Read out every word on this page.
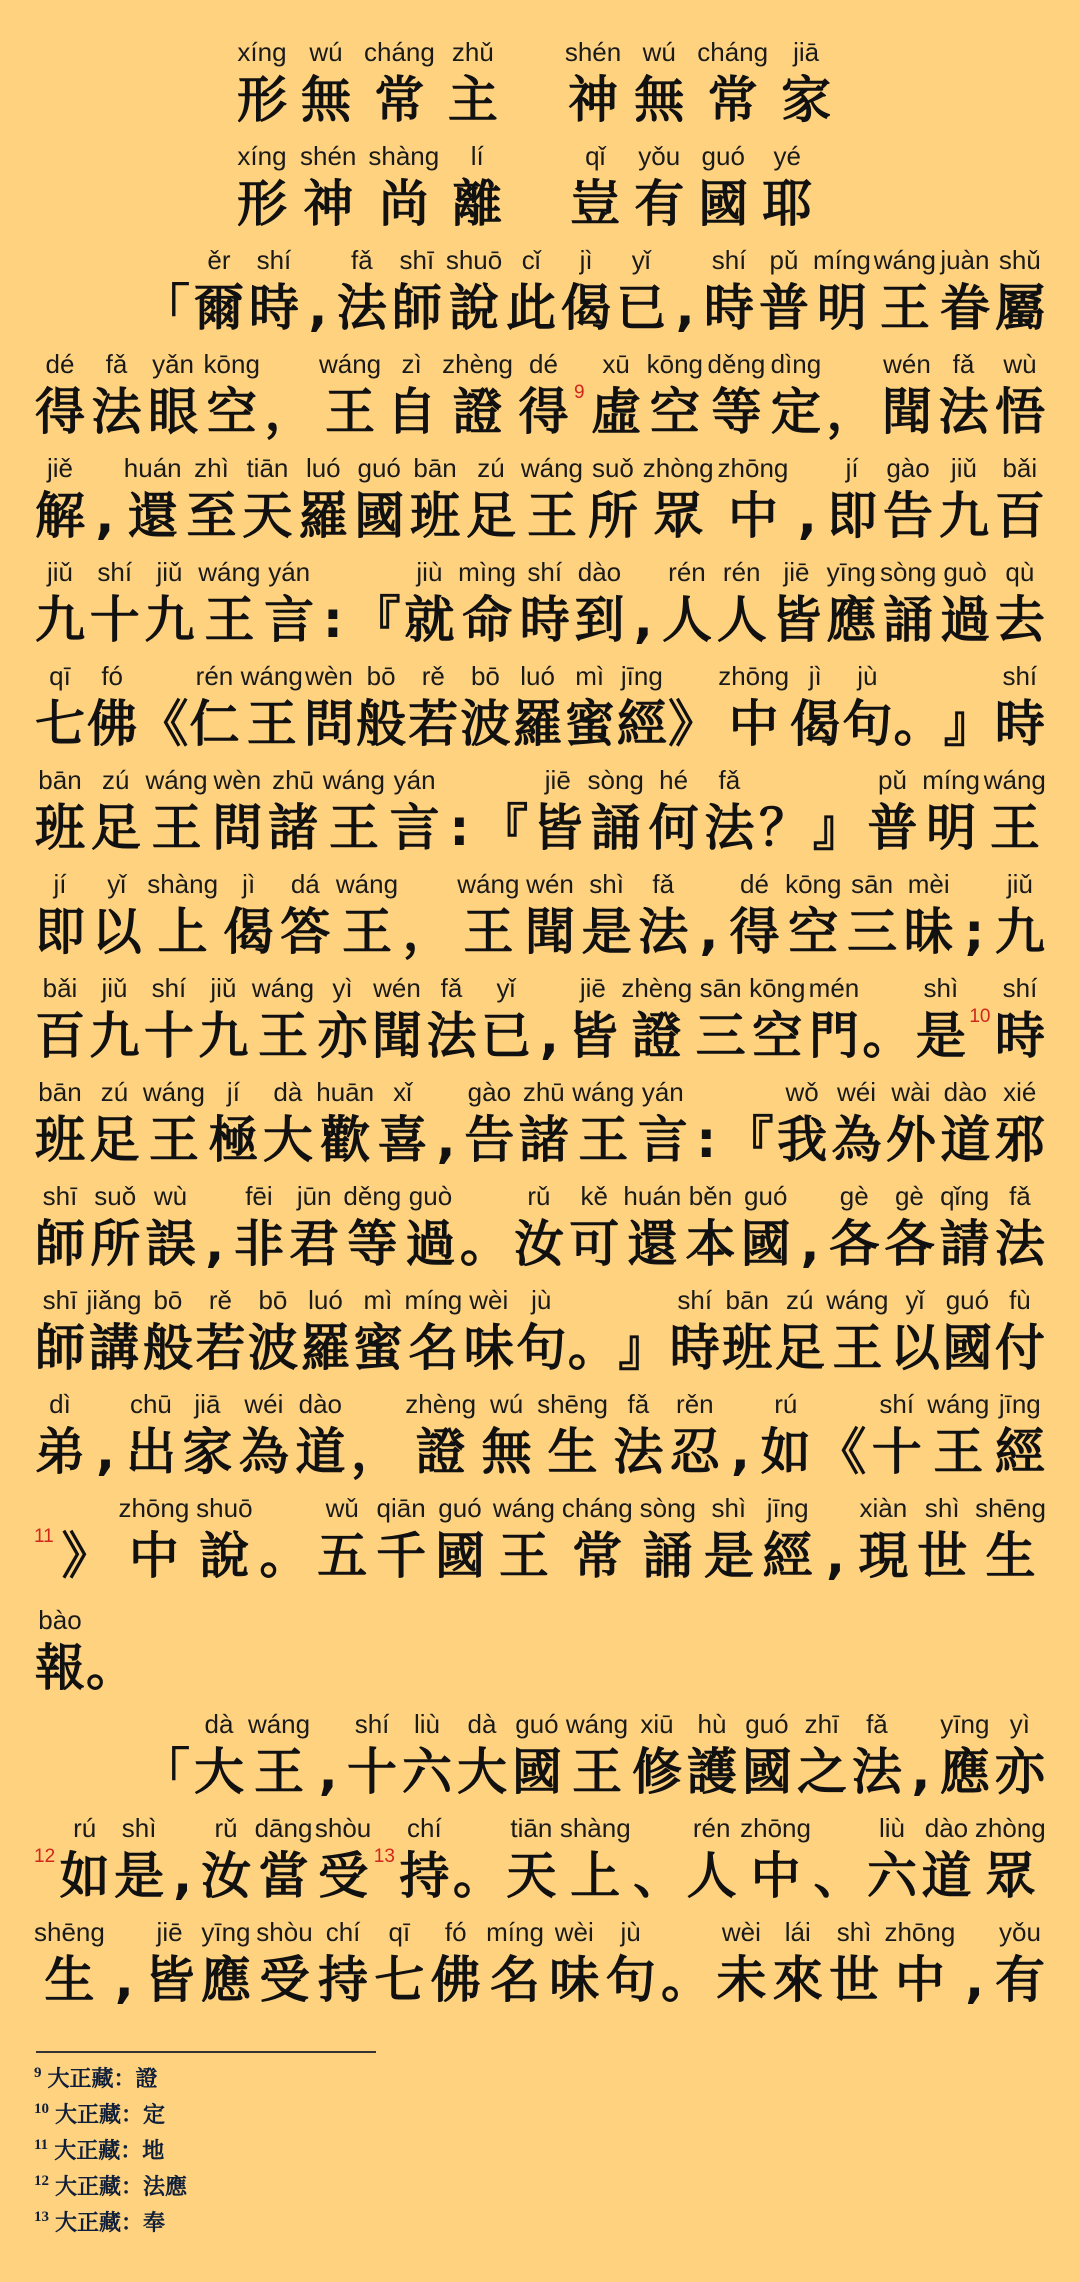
xíng
形
wú
無
cháng
常
zhǔ
主
shén
神
wú
無
cháng
常
jiā
家
xíng
形
shén
神
shàng
尚
lí
離
qǐ
豈
yǒu
有
guó
國
yé
耶
「
ěr
爾
shí
時 ,
fǎ
法
shī
師
shuō
說
cǐ
此
jì
偈
yǐ
已 ,
shí
時
pǔ
普
míng
明
wáng
王
juàn
眷
shǔ
屬
dé
得
fǎ
法
yǎn
眼
kōng
空 ，
wáng
王
zì
自
zhèng
證
dé
得 9
xū
虛
kōng
空
děng
等
dìng
定 ，
wén
聞
fǎ
法
wù
悟
jiě
解 ,
huán
還
zhì
至
tiān
天
luó
羅
guó
國
bān
班
zú
足
wáng
王
suǒ
所
zhòng
眾
zhōng
中 ,
jí
即
gào
告
jiǔ
九
bǎi
百
jiǔ
九
shí
十
jiǔ
九
wáng
王
yán
言 : 『
jiù
就
mìng
命
shí
時
dào
到 ,
rén
人
rén
人
jiē
皆
yīng
應
sòng
誦
guò
過
qù
去
qī
七
fó
佛 《
rén
仁
wáng
王
wèn
問
bō
般
rě
若
bō
波
luó
羅
mì
蜜
jīng
經 》
zhōng
中
jì
偈
jù
句 。 』
shí
時
bān
班
zú
足
wáng
王
wèn
問
zhū
諸
wáng
王
yán
言 : 『
jiē
皆
sòng
誦
hé
何
fǎ
法 ？ 』
pǔ
普
míng
明
wáng
王
jí
即
yǐ
以
shàng
上
jì
偈
dá
答
wáng
王 ，
wáng
王
wén
聞
shì
是
fǎ
法 ,
dé
得
kōng
空
sān
三
mèi
昧 ;
jiǔ
九
bǎi
百
jiǔ
九
shí
十
jiǔ
九
wáng
王
yì
亦
wén
聞
fǎ
法
yǐ
已 ,
jiē
皆
zhèng
證
sān
三
kōng
空
mén
門 。
shì
是 10
shí
時
bān
班
zú
足
wáng
王
jí
極
dà
大
huān
歡
xǐ
喜 ,
gào
告
zhū
諸
wáng
王
yán
言 : 『
wǒ
我
wéi
為
wài
外
dào
道
xié
邪
shī
師
suǒ
所
wù
誤 ,
fēi
非
jūn
君
děng
等
guò
過 。
rǔ
汝
kě
可
huán
還
běn
本
guó
國 ,
gè
各
gè
各
qǐng
請
fǎ
法
shī
師
jiǎng
講
bō
般
rě
若
bō
波
luó
羅
mì
蜜
míng
名
wèi
味
jù
句 。 』
shí
時
bān
班
zú
足
wáng
王
yǐ
以
guó
國
fù
付
dì
弟 ,
chū
出
jiā
家
wéi
為
dào
道 ，
zhèng
證
wú
無
shēng
生
fǎ
法
rěn
忍 ,
rú
如 《
shí
十
wáng
王
jīng
經
11 》
zhōng
中
shuō
說 。
wǔ
五
qiān
千
guó
國
wáng
王
cháng
常
sòng
誦
shì
是
jīng
經 ,
xiàn
現
shì
世
shēng
生
bào
報 。
「
dà
大
wáng
王 ,
shí
十
liù
六
dà
大
guó
國
wáng
王
xiū
修
hù
護
guó
國
zhī
之
fǎ
法 ,
yīng
應
yì
亦
12
rú
如
shì
是 ,
rǔ
汝
dāng
當
shòu
受 13
chí
持 。
tiān
天
shàng
上 、
rén
人
zhōng
中 、
liù
六
dào
道
zhòng
眾
shēng
生 ,
jiē
皆
yīng
應
shòu
受
chí
持
qī
七
fó
佛
míng
名
wèi
味
jù
句 。
wèi
未
lái
來
shì
世
zhōng
中 ,
yǒu
有
$^9$ 大正藏：證
$^{10}$ 大正藏：定
$^{11}$ 大正藏：地
$^{12}$ 大正藏：法應
$^{13}$ 大正藏：奉
